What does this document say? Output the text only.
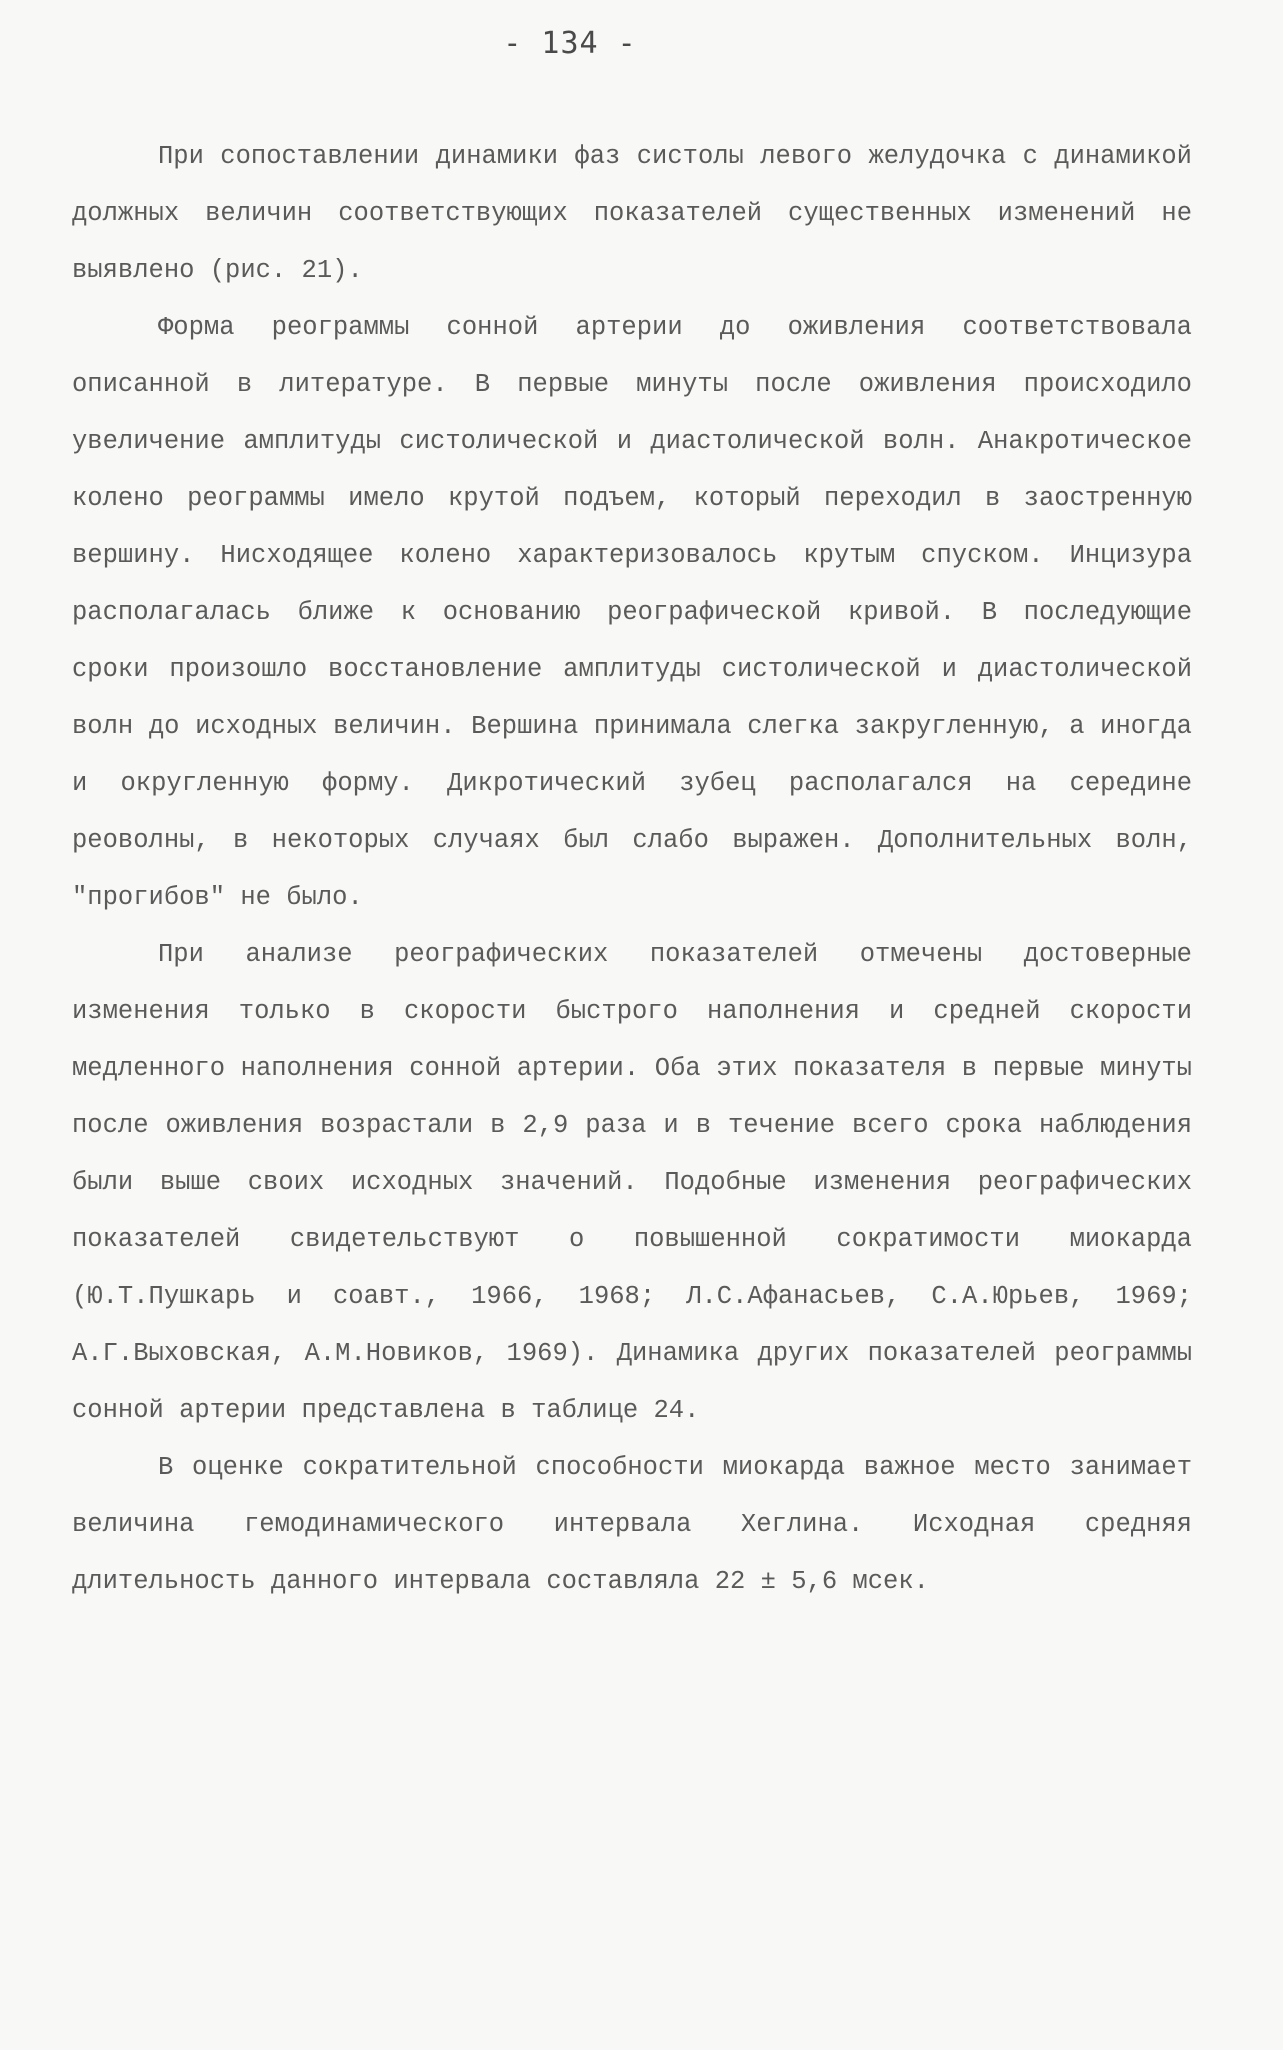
- 134 -

При сопоставлении динамики фаз систолы левого желудочка с динамикой должных величин соответствующих показателей существенных изменений не выявлено (рис. 21).

Форма реограммы сонной артерии до оживления соответствовала описанной в литературе. В первые минуты после оживления происходило увеличение амплитуды систолической и диастолической волн. Анакротическое колено реограммы имело крутой подъем, который переходил в заостренную вершину. Нисходящее колено характеризовалось крутым спуском. Инцизура располагалась ближе к основанию реографической кривой. В последующие сроки произошло восстановление амплитуды систолической и диастолической волн до исходных величин. Вершина принимала слегка закругленную, а иногда и округленную форму. Дикротический зубец располагался на середине реоволны, в некоторых случаях был слабо выражен. Дополнительных волн, "прогибов" не было.

При анализе реографических показателей отмечены достоверные изменения только в скорости быстрого наполнения и средней скорости медленного наполнения сонной артерии. Оба этих показателя в первые минуты после оживления возрастали в 2,9 раза и в течение всего срока наблюдения были выше своих исходных значений. Подобные изменения реографических показателей свидетельствуют о повышенной сократимости миокарда (Ю.Т.Пушкарь и соавт., 1966, 1968; Л.С.Афанасьев, С.А.Юрьев, 1969; А.Г.Выховская, А.М.Новиков, 1969). Динамика других показателей реограммы сонной артерии представлена в таблице 24.

В оценке сократительной способности миокарда важное место занимает величина гемодинамического интервала Хеглина. Исходная средняя длительность данного интервала составляла 22 ± 5,6 мсек.
